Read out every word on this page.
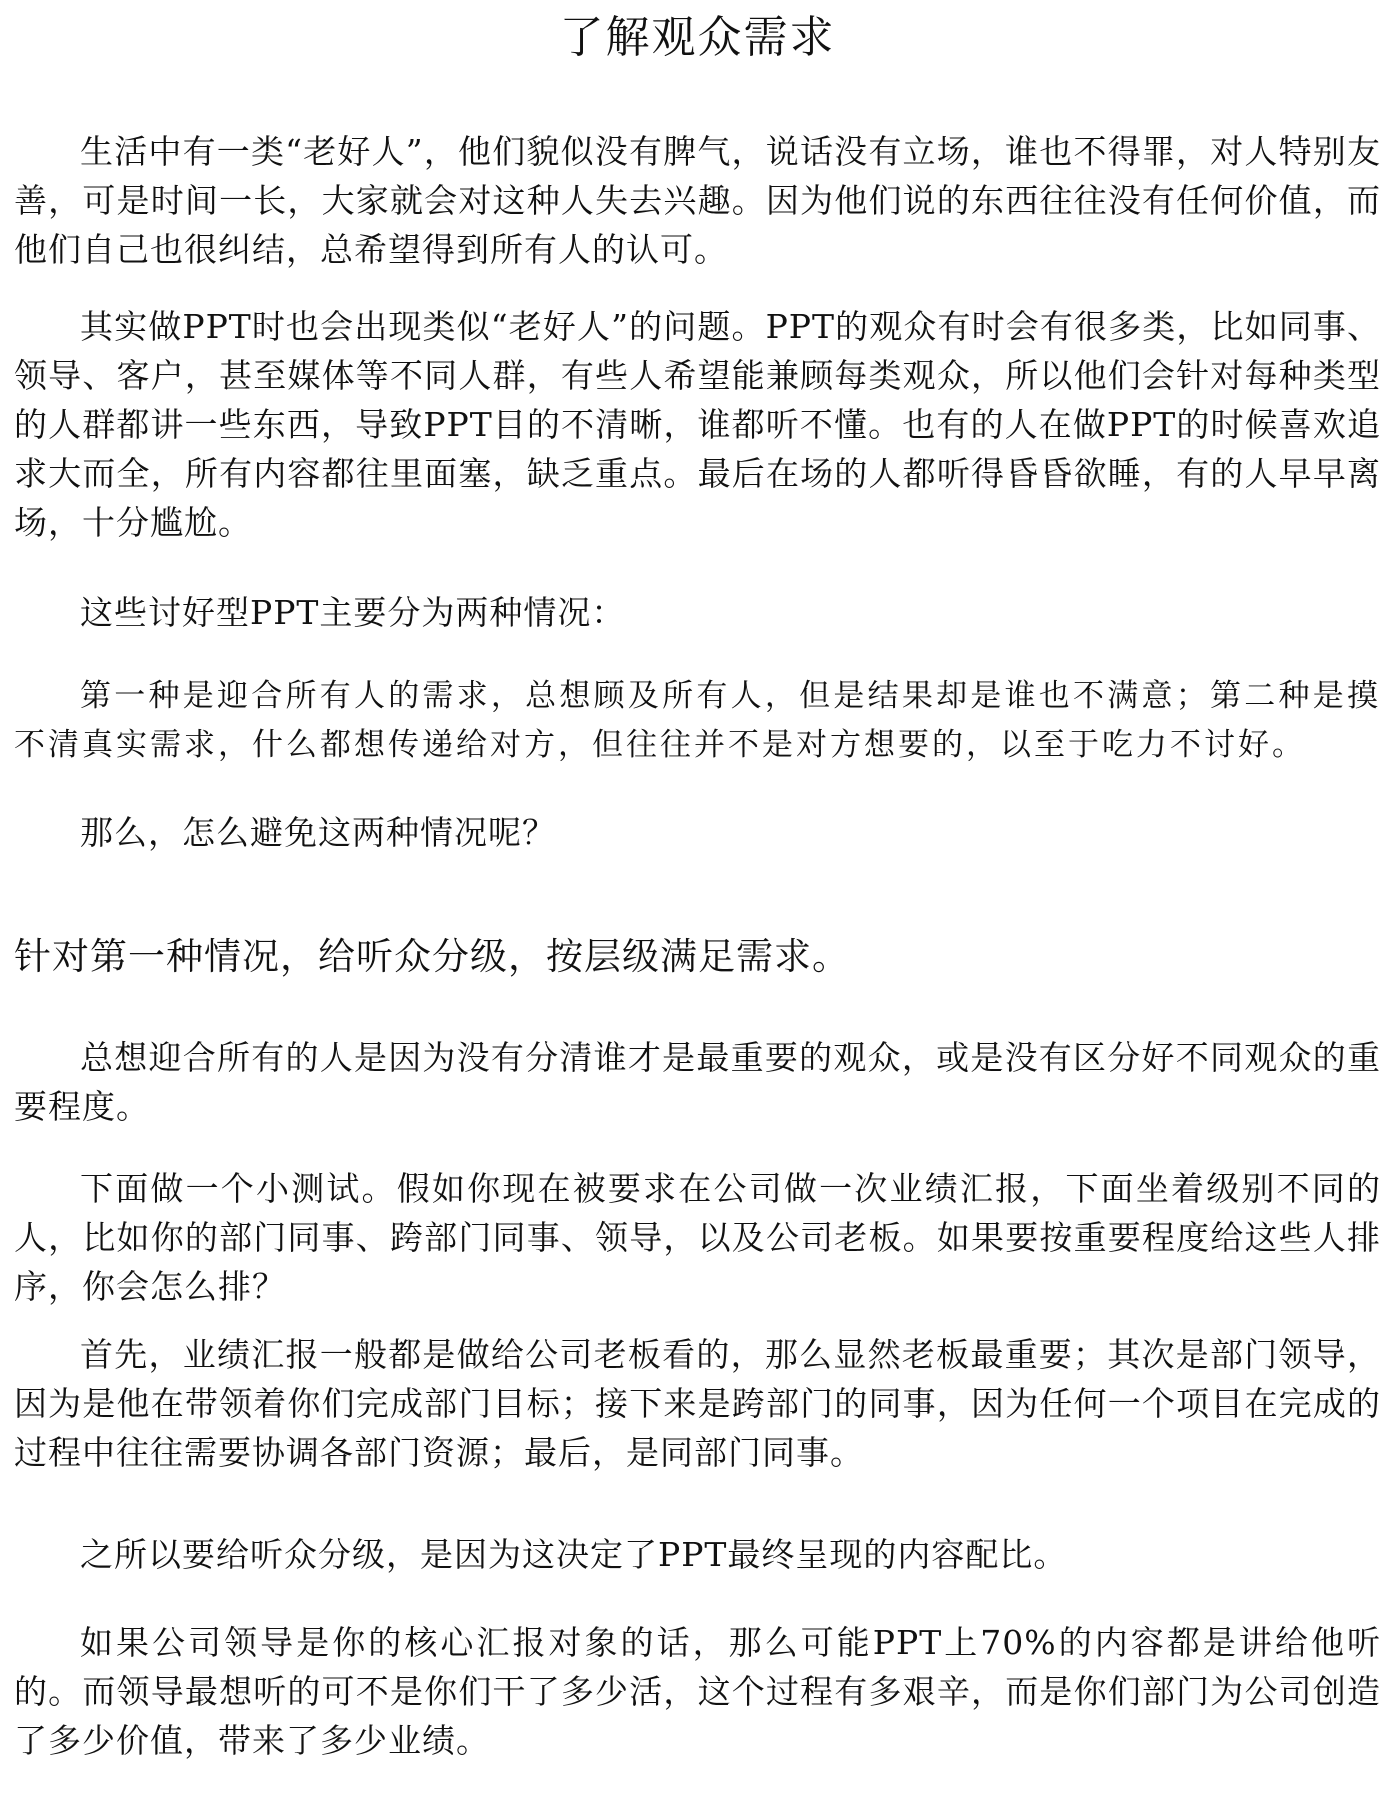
了解观众需求

生活中有一类“老好人”，他们貌似没有脾气，说话没有立场，谁也不得罪，对人特别友善，可是时间一长，大家就会对这种人失去兴趣。因为他们说的东西往往没有任何价值，而他们自己也很纠结，总希望得到所有人的认可。

其实做PPT时也会出现类似“老好人”的问题。PPT的观众有时会有很多类，比如同事、领导、客户，甚至媒体等不同人群，有些人希望能兼顾每类观众，所以他们会针对每种类型的人群都讲一些东西，导致PPT目的不清晰，谁都听不懂。也有的人在做PPT的时候喜欢追求大而全，所有内容都往里面塞，缺乏重点。最后在场的人都听得昏昏欲睡，有的人早早离场，十分尴尬。

这些讨好型PPT主要分为两种情况：

第一种是迎合所有人的需求，总想顾及所有人，但是结果却是谁也不满意；第二种是摸不清真实需求，什么都想传递给对方，但往往并不是对方想要的，以至于吃力不讨好。

那么，怎么避免这两种情况呢？

针对第一种情况，给听众分级，按层级满足需求。

总想迎合所有的人是因为没有分清谁才是最重要的观众，或是没有区分好不同观众的重要程度。

下面做一个小测试。假如你现在被要求在公司做一次业绩汇报，下面坐着级别不同的人，比如你的部门同事、跨部门同事、领导，以及公司老板。如果要按重要程度给这些人排序，你会怎么排？

首先，业绩汇报一般都是做给公司老板看的，那么显然老板最重要；其次是部门领导，因为是他在带领着你们完成部门目标；接下来是跨部门的同事，因为任何一个项目在完成的过程中往往需要协调各部门资源；最后，是同部门同事。

之所以要给听众分级，是因为这决定了PPT最终呈现的内容配比。

如果公司领导是你的核心汇报对象的话，那么可能PPT上70%的内容都是讲给他听的。而领导最想听的可不是你们干了多少活，这个过程有多艰辛，而是你们部门为公司创造了多少价值，带来了多少业绩。
